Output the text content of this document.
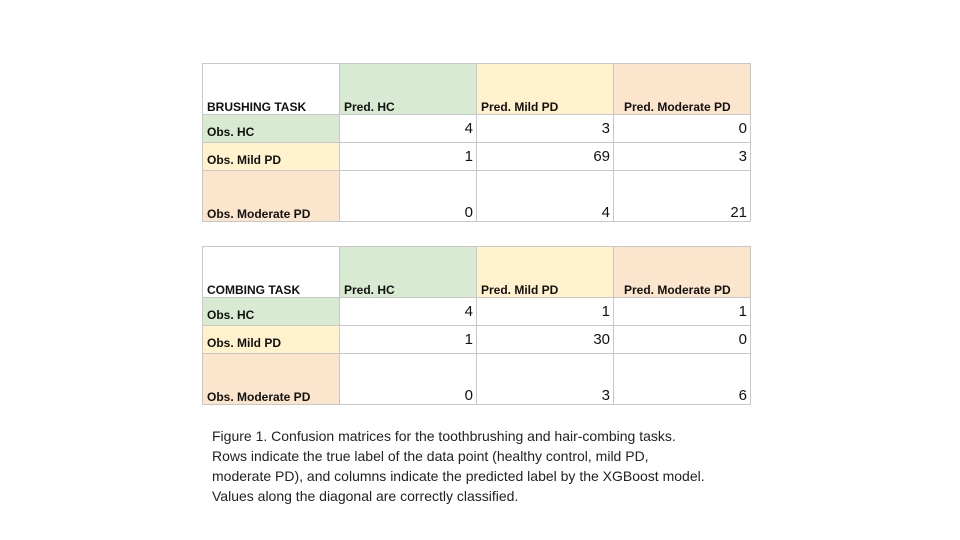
BRUSHING TASK	Pred. HC	Pred. Mild PD	Pred. Moderate PD
Obs. HC	4	3	0
Obs. Mild PD	1	69	3
Obs. Moderate PD	0	4	21
COMBING TASK	Pred. HC	Pred. Mild PD	Pred. Moderate PD
Obs. HC	4	1	1
Obs. Mild PD	1	30	0
Obs. Moderate PD	0	3	6
Figure 1. Confusion matrices for the toothbrushing and hair-combing tasks.
Rows indicate the true label of the data point (healthy control, mild PD,
moderate PD), and columns indicate the predicted label by the XGBoost model.
Values along the diagonal are correctly classified.
